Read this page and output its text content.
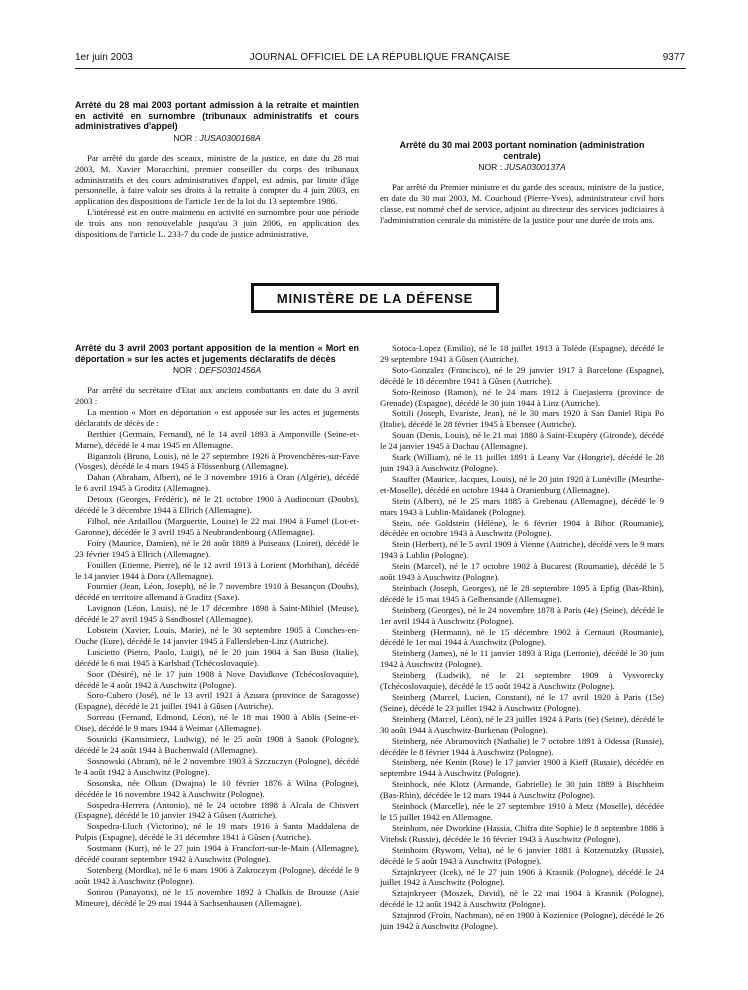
1er juin 2003	JOURNAL OFFICIEL DE LA RÉPUBLIQUE FRANÇAISE	9377
Arrêté du 28 mai 2003 portant admission à la retraite et maintien en activité en surnombre (tribunaux administratifs et cours administratives d'appel)
NOR : JUSA0300168A

Par arrêté du garde des sceaux, ministre de la justice, en date du 28 mai 2003, M. Xavier Moracchini, premier conseiller du corps des tribunaux administratifs et des cours administratives d'appel, est admis, par limite d'âge personnelle, à faire valoir ses droits à la retraite à compter du 4 juin 2003, en application des dispositions de l'article 1er de la loi du 13 septembre 1986.

L'intéressé est en outre maintenu en activité en surnombre pour une période de trois ans non renouvelable jusqu'au 3 juin 2006, en application des dispositions de l'article L. 233-7 du code de justice administrative.

Arrêté du 30 mai 2003 portant nomination (administration centrale)
NOR : JUSA0300137A

Par arrêté du Premier ministre et du garde des sceaux, ministre de la justice, en date du 30 mai 2003, M. Couchoud (Pierre-Yves), administrateur civil hors classe, est nommé chef de service, adjoint au directeur des services judiciaires à l'administration centrale du ministère de la justice pour une durée de trois ans.

MINISTÈRE DE LA DÉFENSE
Arrêté du 3 avril 2003 portant apposition de la mention « Mort en déportation » sur les actes et jugements déclaratifs de décès
NOR : DEFS0301456A

Par arrêté du secrétaire d'Etat aux anciens combattants en date du 3 avril 2003 :

La mention « Mort en déportation » est apposée sur les actes et jugements déclaratifs de décès de :

Berthier (Germain, Fernand), né le 14 avril 1893 à Amponville (Seine-et-Marne), décédé le 4 mai 1945 en Allemagne.

Biganzoli (Bruno, Louis), né le 27 septembre 1926 à Provenchères-sur-Fave (Vosges), décédé le 4 mars 1945 à Flössenburg (Allemagne).

Dahan (Abraham, Albert), né le 3 novembre 1916 à Oran (Algérie), décédé le 6 avril 1945 à Groditz (Allemagne).

Detoux (Georges, Frédéric), né le 21 octobre 1900 à Audincourt (Doubs), décédé le 3 décembre 1944 à Ellrich (Allemagne).

Filhol, née Ardaillou (Marguerite, Louise) le 22 mai 1904 à Fumel (Lot-et-Garonne), décédée le 3 avril 1945 à Neubrandenbourg (Allemagne).

Foiry (Maurice, Damien), né le 28 août 1889 à Puiseaux (Loiret), décédé le 23 février 1945 à Ellrich (Allemagne).

Fouillen (Etienne, Pierre), né le 12 avril 1913 à Lorient (Morbihan), décédé le 14 janvier 1944 à Dora (Allemagne).

Fournier (Jean, Léon, Joseph), né le 7 novembre 1910 à Besançon (Doubs), décédé en territoire allemand à Graditz (Saxe).

Lavignon (Léon, Louis), né le 17 décembre 1898 à Saint-Mihiel (Meuse), décédé le 27 avril 1945 à Sandbostel (Allemagne).

Lobstein (Xavier, Louis, Marie), né le 30 septembre 1905 à Conches-en-Ouche (Eure), décédé le 14 janvier 1945 à Fallersleben-Linz (Autriche).

Luscietto (Pietro, Paolo, Luigi), né le 20 juin 1904 à San Buso (Italie), décédé le 6 mai 1945 à Karlsbad (Tchécoslovaquie).

Soor (Désiré), né le 17 juin 1908 à Nove Davidkove (Tchécoslovaquie), décédé le 4 août 1942 à Auschwitz (Pologne).

Soro-Cubero (José), né le 13 avril 1921 à Azuara (province de Saragosse) (Espagne), décédé le 21 juillet 1941 à Gûsen (Autriche).

Sorreau (Fernand, Edmond, Léon), né le 18 mai 1900 à Ablis (Seine-et-Oise), décédé le 9 mars 1944 à Weimar (Allemagne).

Sosnicki (Kamsimierz, Ludwig), né le 25 août 1908 à Sanok (Pologne), décédé le 24 août 1944 à Buchenwald (Allemagne).

Sosnowski (Abram), né le 2 novembre 1903 à Szczuczyn (Pologne), décédé le 4 août 1942 à Auschwitz (Pologne).

Sosonska, née Olkun (Dwajna) le 10 février 1876 à Wilna (Pologne), décédée le 16 novembre 1942 à Auschwitz (Pologne).

Sospedra-Herrera (Antonio), né le 24 octobre 1898 à Alcala de Chisvert (Espagne), décédé le 10 janvier 1942 à Gûsen (Autriche).

Sospedra-Lluch (Victorino), né le 19 mars 1916 à Santa Maddalena de Pulpis (Espagne), décédé le 31 décembre 1941 à Gûsen (Autriche).

Sostmann (Kurt), né le 27 juin 1904 à Francfort-sur-le-Main (Allemagne), décédé courant septembre 1942 à Auschwitz (Pologne).

Sotenberg (Mordka), né le 6 mars 1906 à Zakroczym (Pologne), décédé le 9 août 1942 à Auschwitz (Pologne).

Sotirou (Panayotis), né le 15 novembre 1892 à Chalkis de Brousse (Asie Mineure), décédé le 29 mai 1944 à Sachsenhausen (Allemagne).

Sotoca-Lopez (Emilio), né le 18 juillet 1913 à Tolède (Espagne), décédé le 29 septembre 1941 à Gûsen (Autriche).

Soto-Gonzalez (Francisco), né le 29 janvier 1917 à Barcelone (Espagne), décédé le 18 décembre 1941 à Gûsen (Autriche).

Soto-Reinoso (Ramon), né le 24 mars 1912 à Cuejasierra (province de Grenade) (Espagne), décédé le 30 juin 1944 à Linz (Autriche).

Sottili (Joseph, Evariste, Jean), né le 30 mars 1920 à San Daniel Ripa Po (Italie), décédé le 28 février 1945 à Ebensee (Autriche).

Souan (Denis, Louis), né le 21 mai 1880 à Saint-Exupéry (Gironde), décédé le 24 janvier 1945 à Dachau (Allemagne).

Stark (William), né le 11 juillet 1891 à Leany Var (Hongrie), décédé le 28 juin 1943 à Auschwitz (Pologne).

Stauffer (Maurice, Jacques, Louis), né le 20 juin 1920 à Lunéville (Meurthe-et-Moselle), décédé en octobre 1944 à Oranienburg (Allemagne).

Stein (Albert), né le 25 mars 1885 à Grebenau (Allemagne), décédé le 9 mars 1943 à Lublin-Maïdanek (Pologne).

Stein, née Goldstein (Hélène), le 6 février 1904 à Bihor (Roumanie), décédée en octobre 1943 à Auschwitz (Pologne).

Stein (Herbert), né le 5 avril 1909 à Vienne (Autriche), décédé vers le 9 mars 1943 à Lublin (Pologne).

Stein (Marcel), né le 17 octobre 1902 à Bucarest (Roumanie), décédé le 5 août 1943 à Auschwitz (Pologne).

Steinbach (Joseph, Georges), né le 28 septembre 1895 à Epfig (Bas-Rhin), décédé le 15 mai 1945 à Gelbensande (Allemagne).

Steinberg (Georges), né le 24 novembre 1878 à Paris (4e) (Seine), décédé le 1er avril 1944 à Auschwitz (Pologne).

Steinberg (Hermann), né le 15 décembre 1902 à Cernauti (Roumanie), décédé le 1er mai 1944 à Auschwitz (Pologne).

Steinberg (James), né le 11 janvier 1893 à Riga (Lettonie), décédé le 30 juin 1942 à Auschwitz (Pologne).

Steinberg (Ludwik), né le 21 septembre 1909 à Vysvorecky (Tchécoslovaquie), décédé le 15 août 1942 à Auschwitz (Pologne).

Steinberg (Marcel, Lucien, Constant), né le 17 avril 1920 à Paris (15e) (Seine), décédé le 23 juillet 1942 à Auschwitz (Pologne).

Steinberg (Marcel, Léon), né le 23 juillet 1924 à Paris (6e) (Seine), décédé le 30 août 1944 à Auschwitz-Burkenau (Pologne).

Steinberg, née Abramovitch (Nathalie) le 7 octobre 1891 à Odessa (Russie), décédée le 8 février 1944 à Auschwitz (Pologne).

Steinberg, née Kenin (Rose) le 17 janvier 1900 à Kieff (Russie), décédée en septembre 1944 à Auschwitz (Pologne).

Steinbock, née Klotz (Armande, Gabrielle) le 30 juin 1889 à Bischheim (Bas-Rhin), décédée le 12 mars 1944 à Auschwitz (Pologne).

Steinbock (Marcelle), née le 27 septembre 1910 à Metz (Moselle), décédée le 15 juillet 1942 en Allemagne.

Steinhorn, née Dworkine (Hassia, Chifra dite Sophie) le 8 septembre 1886 à Vitebsk (Russie), décédée le 16 février 1943 à Auschwitz (Pologne).

Steinhoim (Rywom, Velta), né le 6 janvier 1881 à Kotzenutzky (Russie), décédé le 5 août 1943 à Auschwitz (Pologne).

Sztajnkryeer (Icek), né le 27 juin 1906 à Krasnik (Pologne), décédé le 24 juillet 1942 à Auschwitz (Pologne).

Sztajnkryeer (Moszek, David), né le 22 mai 1904 à Krasnik (Pologne), décédé le 12 août 1942 à Auschwitz (Pologne).

Sztajnrod (Froïn, Nachman), né en 1900 à Kozienice (Pologne), décédé le 26 juin 1942 à Auschwitz (Pologne).
